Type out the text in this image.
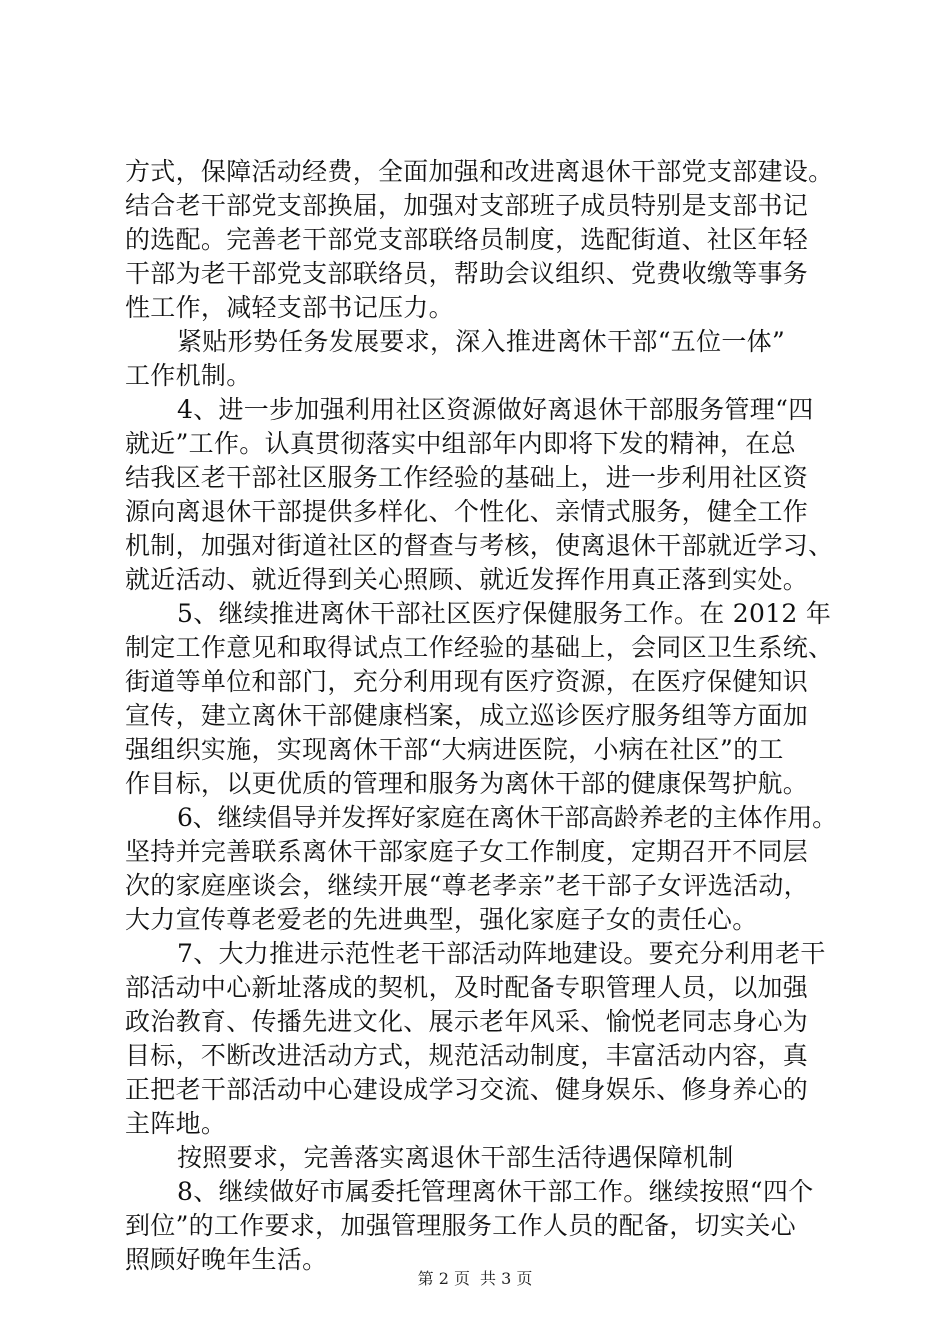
方式，保障活动经费，全面加强和改进离退休干部党支部建设。
结合老干部党支部换届，加强对支部班子成员特别是支部书记
的选配。完善老干部党支部联络员制度，选配街道、社区年轻
干部为老干部党支部联络员，帮助会议组织、党费收缴等事务
性工作，减轻支部书记压力。
紧贴形势任务发展要求，深入推进离休干部“五位一体”
工作机制。
4、进一步加强利用社区资源做好离退休干部服务管理“四
就近”工作。认真贯彻落实中组部年内即将下发的精神，在总
结我区老干部社区服务工作经验的基础上，进一步利用社区资
源向离退休干部提供多样化、个性化、亲情式服务，健全工作
机制，加强对街道社区的督查与考核，使离退休干部就近学习、
就近活动、就近得到关心照顾、就近发挥作用真正落到实处。
5、继续推进离休干部社区医疗保健服务工作。在 2012 年
制定工作意见和取得试点工作经验的基础上，会同区卫生系统、
街道等单位和部门，充分利用现有医疗资源，在医疗保健知识
宣传，建立离休干部健康档案，成立巡诊医疗服务组等方面加
强组织实施，实现离休干部“大病进医院，小病在社区”的工
作目标，以更优质的管理和服务为离休干部的健康保驾护航。
6、继续倡导并发挥好家庭在离休干部高龄养老的主体作用。
坚持并完善联系离休干部家庭子女工作制度，定期召开不同层
次的家庭座谈会，继续开展“尊老孝亲”老干部子女评选活动，
大力宣传尊老爱老的先进典型，强化家庭子女的责任心。
7、大力推进示范性老干部活动阵地建设。要充分利用老干
部活动中心新址落成的契机，及时配备专职管理人员，以加强
政治教育、传播先进文化、展示老年风采、愉悦老同志身心为
目标，不断改进活动方式，规范活动制度，丰富活动内容，真
正把老干部活动中心建设成学习交流、健身娱乐、修身养心的
主阵地。
按照要求，完善落实离退休干部生活待遇保障机制
8、继续做好市属委托管理离休干部工作。继续按照“四个
到位”的工作要求，加强管理服务工作人员的配备，切实关心
照顾好晚年生活。
第 2 页 共 3 页
